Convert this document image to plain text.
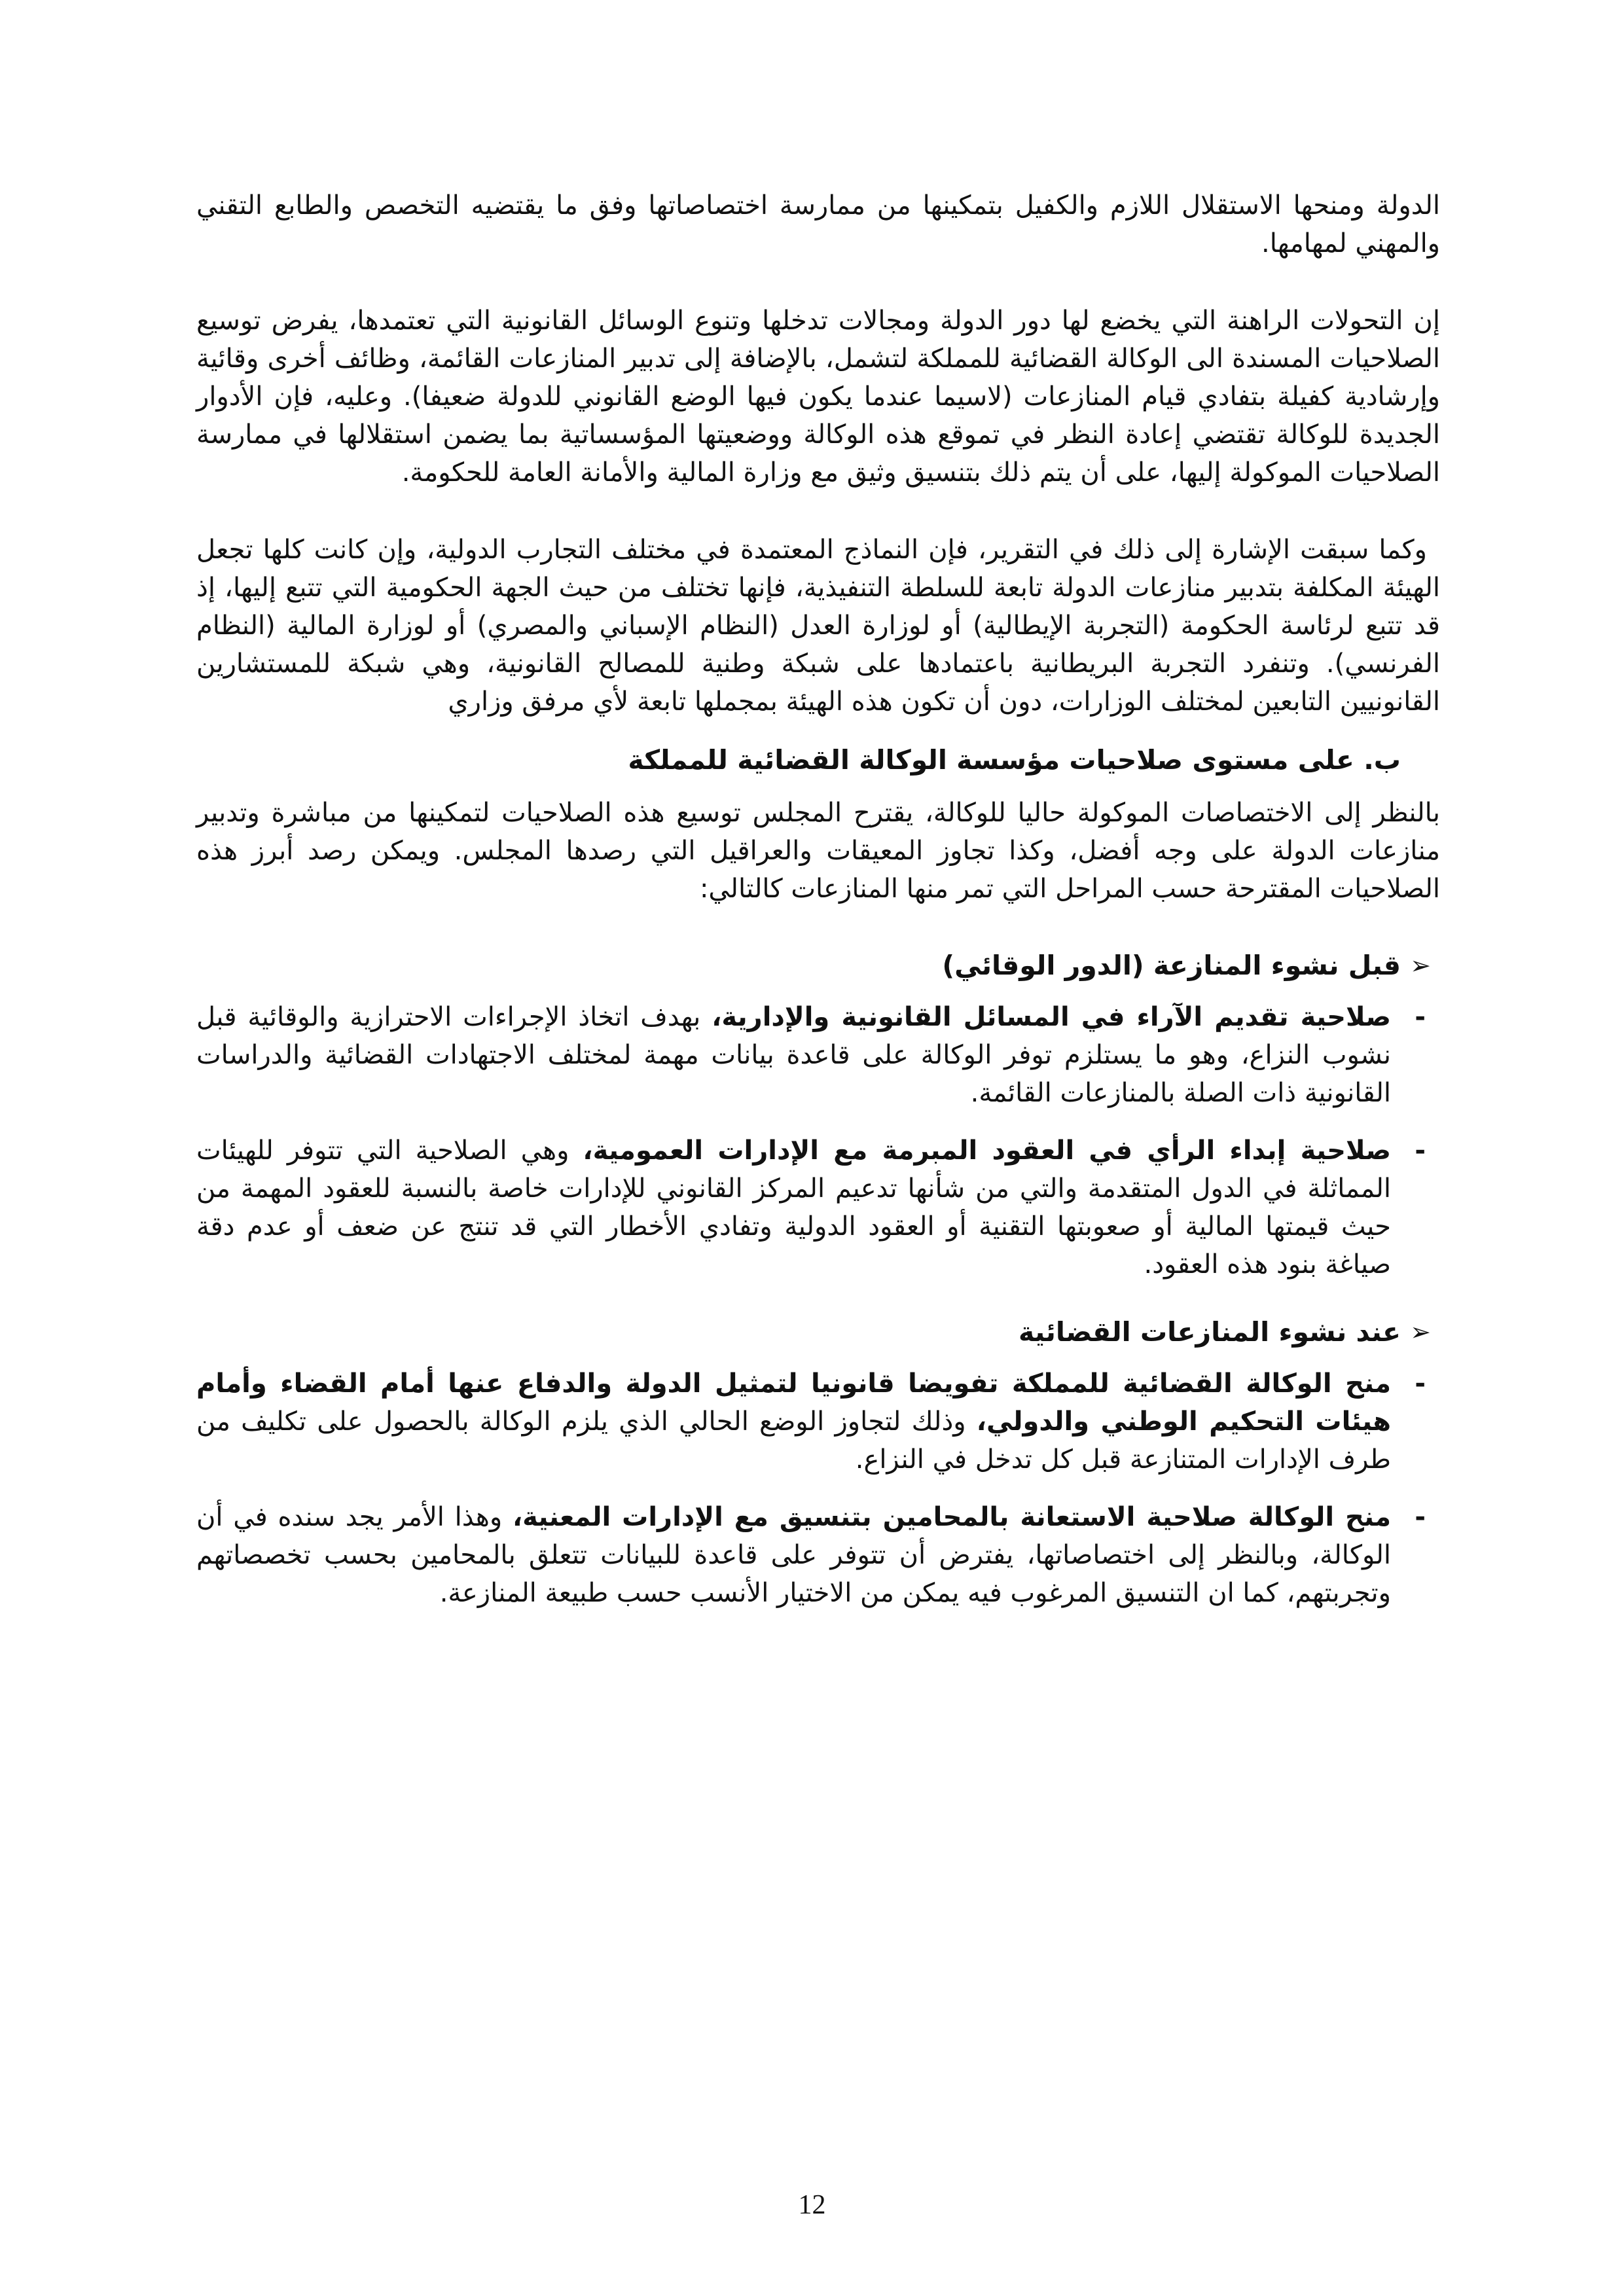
الدولة ومنحها الاستقلال اللازم والكفيل بتمكينها من ممارسة اختصاصاتها وفق ما يقتضيه التخصص والطابع التقني والمهني لمهامها.

إن التحولات الراهنة التي يخضع لها دور الدولة ومجالات تدخلها وتنوع الوسائل القانونية التي تعتمدها، يفرض توسيع الصلاحيات المسندة الى الوكالة القضائية للمملكة لتشمل، بالإضافة إلى تدبير المنازعات القائمة، وظائف أخرى وقائية وإرشادية كفيلة بتفادي قيام المنازعات (لاسيما عندما يكون فيها الوضع القانوني للدولة ضعيفا). وعليه، فإن الأدوار الجديدة للوكالة تقتضي إعادة النظر في تموقع هذه الوكالة ووضعيتها المؤسساتية بما يضمن استقلالها في ممارسة الصلاحيات الموكولة إليها، على أن يتم ذلك بتنسيق وثيق مع وزارة المالية والأمانة العامة للحكومة.

وكما سبقت الإشارة إلى ذلك في التقرير، فإن النماذج المعتمدة في مختلف التجارب الدولية، وإن كانت كلها تجعل الهيئة المكلفة بتدبير منازعات الدولة تابعة للسلطة التنفيذية، فإنها تختلف من حيث الجهة الحكومية التي تتبع إليها، إذ قد تتبع لرئاسة الحكومة (التجربة الإيطالية) أو لوزارة العدل (النظام الإسباني والمصري) أو لوزارة المالية (النظام الفرنسي). وتنفرد التجربة البريطانية باعتمادها على شبكة وطنية للمصالح القانونية، وهي شبكة للمستشارين القانونيين التابعين لمختلف الوزارات، دون أن تكون هذه الهيئة بمجملها تابعة لأي مرفق وزاري

ب. على مستوى صلاحيات مؤسسة الوكالة القضائية للمملكة

بالنظر إلى الاختصاصات الموكولة حاليا للوكالة، يقترح المجلس توسيع هذه الصلاحيات لتمكينها من مباشرة وتدبير منازعات الدولة على وجه أفضل، وكذا تجاوز المعيقات والعراقيل التي رصدها المجلس. ويمكن رصد أبرز هذه الصلاحيات المقترحة حسب المراحل التي تمر منها المنازعات كالتالي:

➢
قبل نشوء المنازعة (الدور الوقائي)
-
صلاحية تقديم الآراء في المسائل القانونية والإدارية، بهدف اتخاذ الإجراءات الاحترازية والوقائية قبل نشوب النزاع، وهو ما يستلزم توفر الوكالة على قاعدة بيانات مهمة لمختلف الاجتهادات القضائية والدراسات القانونية ذات الصلة بالمنازعات القائمة.
-
صلاحية إبداء الرأي في العقود المبرمة مع الإدارات العمومية، وهي الصلاحية التي تتوفر للهيئات المماثلة في الدول المتقدمة والتي من شأنها تدعيم المركز القانوني للإدارات خاصة بالنسبة للعقود المهمة من حيث قيمتها المالية أو صعوبتها التقنية أو العقود الدولية وتفادي الأخطار التي قد تنتج عن ضعف أو عدم دقة صياغة بنود هذه العقود.
➢
عند نشوء المنازعات القضائية
-
منح الوكالة القضائية للمملكة تفويضا قانونيا لتمثيل الدولة والدفاع عنها أمام القضاء وأمام هيئات التحكيم الوطني والدولي، وذلك لتجاوز الوضع الحالي الذي يلزم الوكالة بالحصول على تكليف من طرف الإدارات المتنازعة قبل كل تدخل في النزاع.
-
منح الوكالة صلاحية الاستعانة بالمحامين بتنسيق مع الإدارات المعنية، وهذا الأمر يجد سنده في أن الوكالة، وبالنظر إلى اختصاصاتها، يفترض أن تتوفر على قاعدة للبيانات تتعلق بالمحامين بحسب تخصصاتهم وتجربتهم، كما ان التنسيق المرغوب فيه يمكن من الاختيار الأنسب حسب طبيعة المنازعة.
12
